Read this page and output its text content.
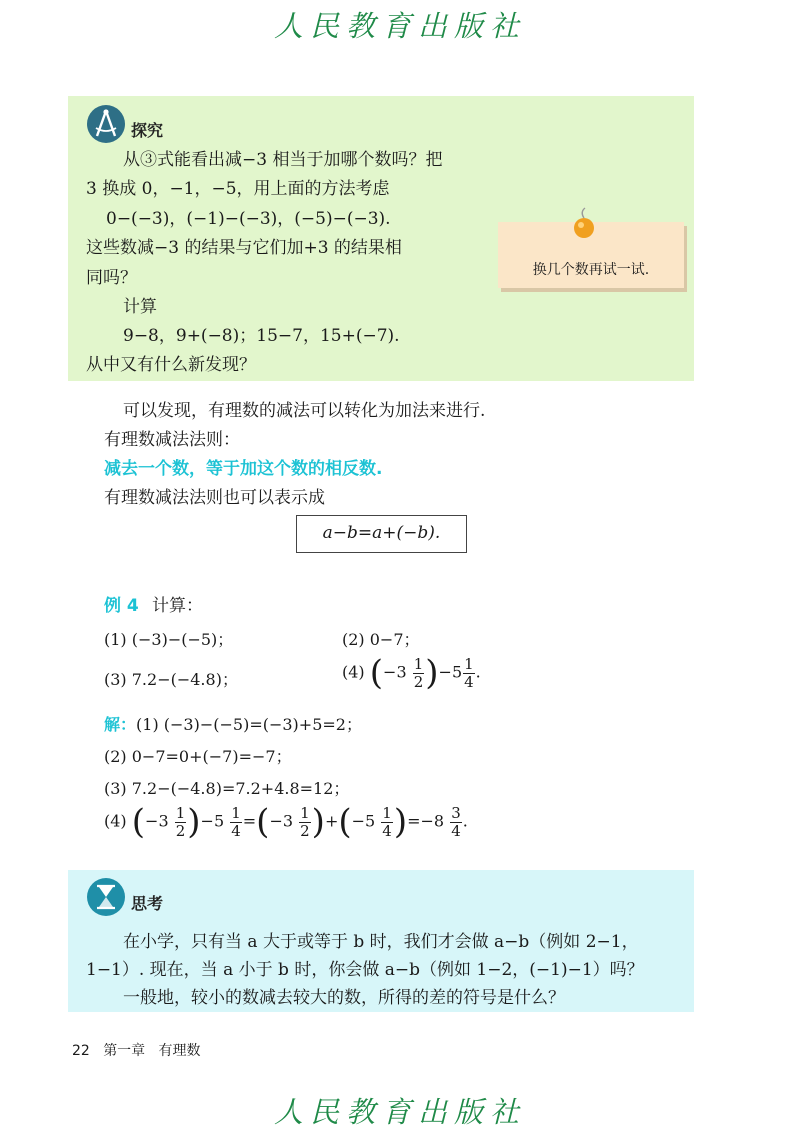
人民教育出版社
探究
从③式能看出减−3 相当于加哪个数吗？把
3 换成 0，−1，−5，用上面的方法考虑
0−(−3)，(−1)−(−3)，(−5)−(−3).
这些数减−3 的结果与它们加+3 的结果相
同吗？
计算
9−8，9+(−8)；15−7，15+(−7).
从中又有什么新发现？
换几个数再试一试.
可以发现，有理数的减法可以转化为加法来进行.
有理数减法法则：
减去一个数，等于加这个数的相反数.
有理数减法法则也可以表示成
a−b=a+(−b).
例 4 计算：
(1) (−3)−(−5)；	(2) 0−7；
(3) 7.2−(−4.8)；	(4) $(-3 \frac{1}{2} )-5 \frac{1}{4}$ .
解：(1) (−3)−(−5)=(−3)+5=2；
(2) 0−7=0+(−7)=−7；
(3) 7.2−(−4.8)=7.2+4.8=12；
(4) $(-3 \frac{1}{2} )-5 \frac{1}{4} =(-3 \frac{1}{2} )+(-5 \frac{1}{4} )=-8 \frac{3}{4}$ .
思考
在小学，只有当 a 大于或等于 b 时，我们才会做 a−b（例如 2−1，
1−1）. 现在，当 a 小于 b 时，你会做 a−b（例如 1−2，(−1)−1）吗？
一般地，较小的数减去较大的数，所得的差的符号是什么？
22 第一章 有理数
人民教育出版社
